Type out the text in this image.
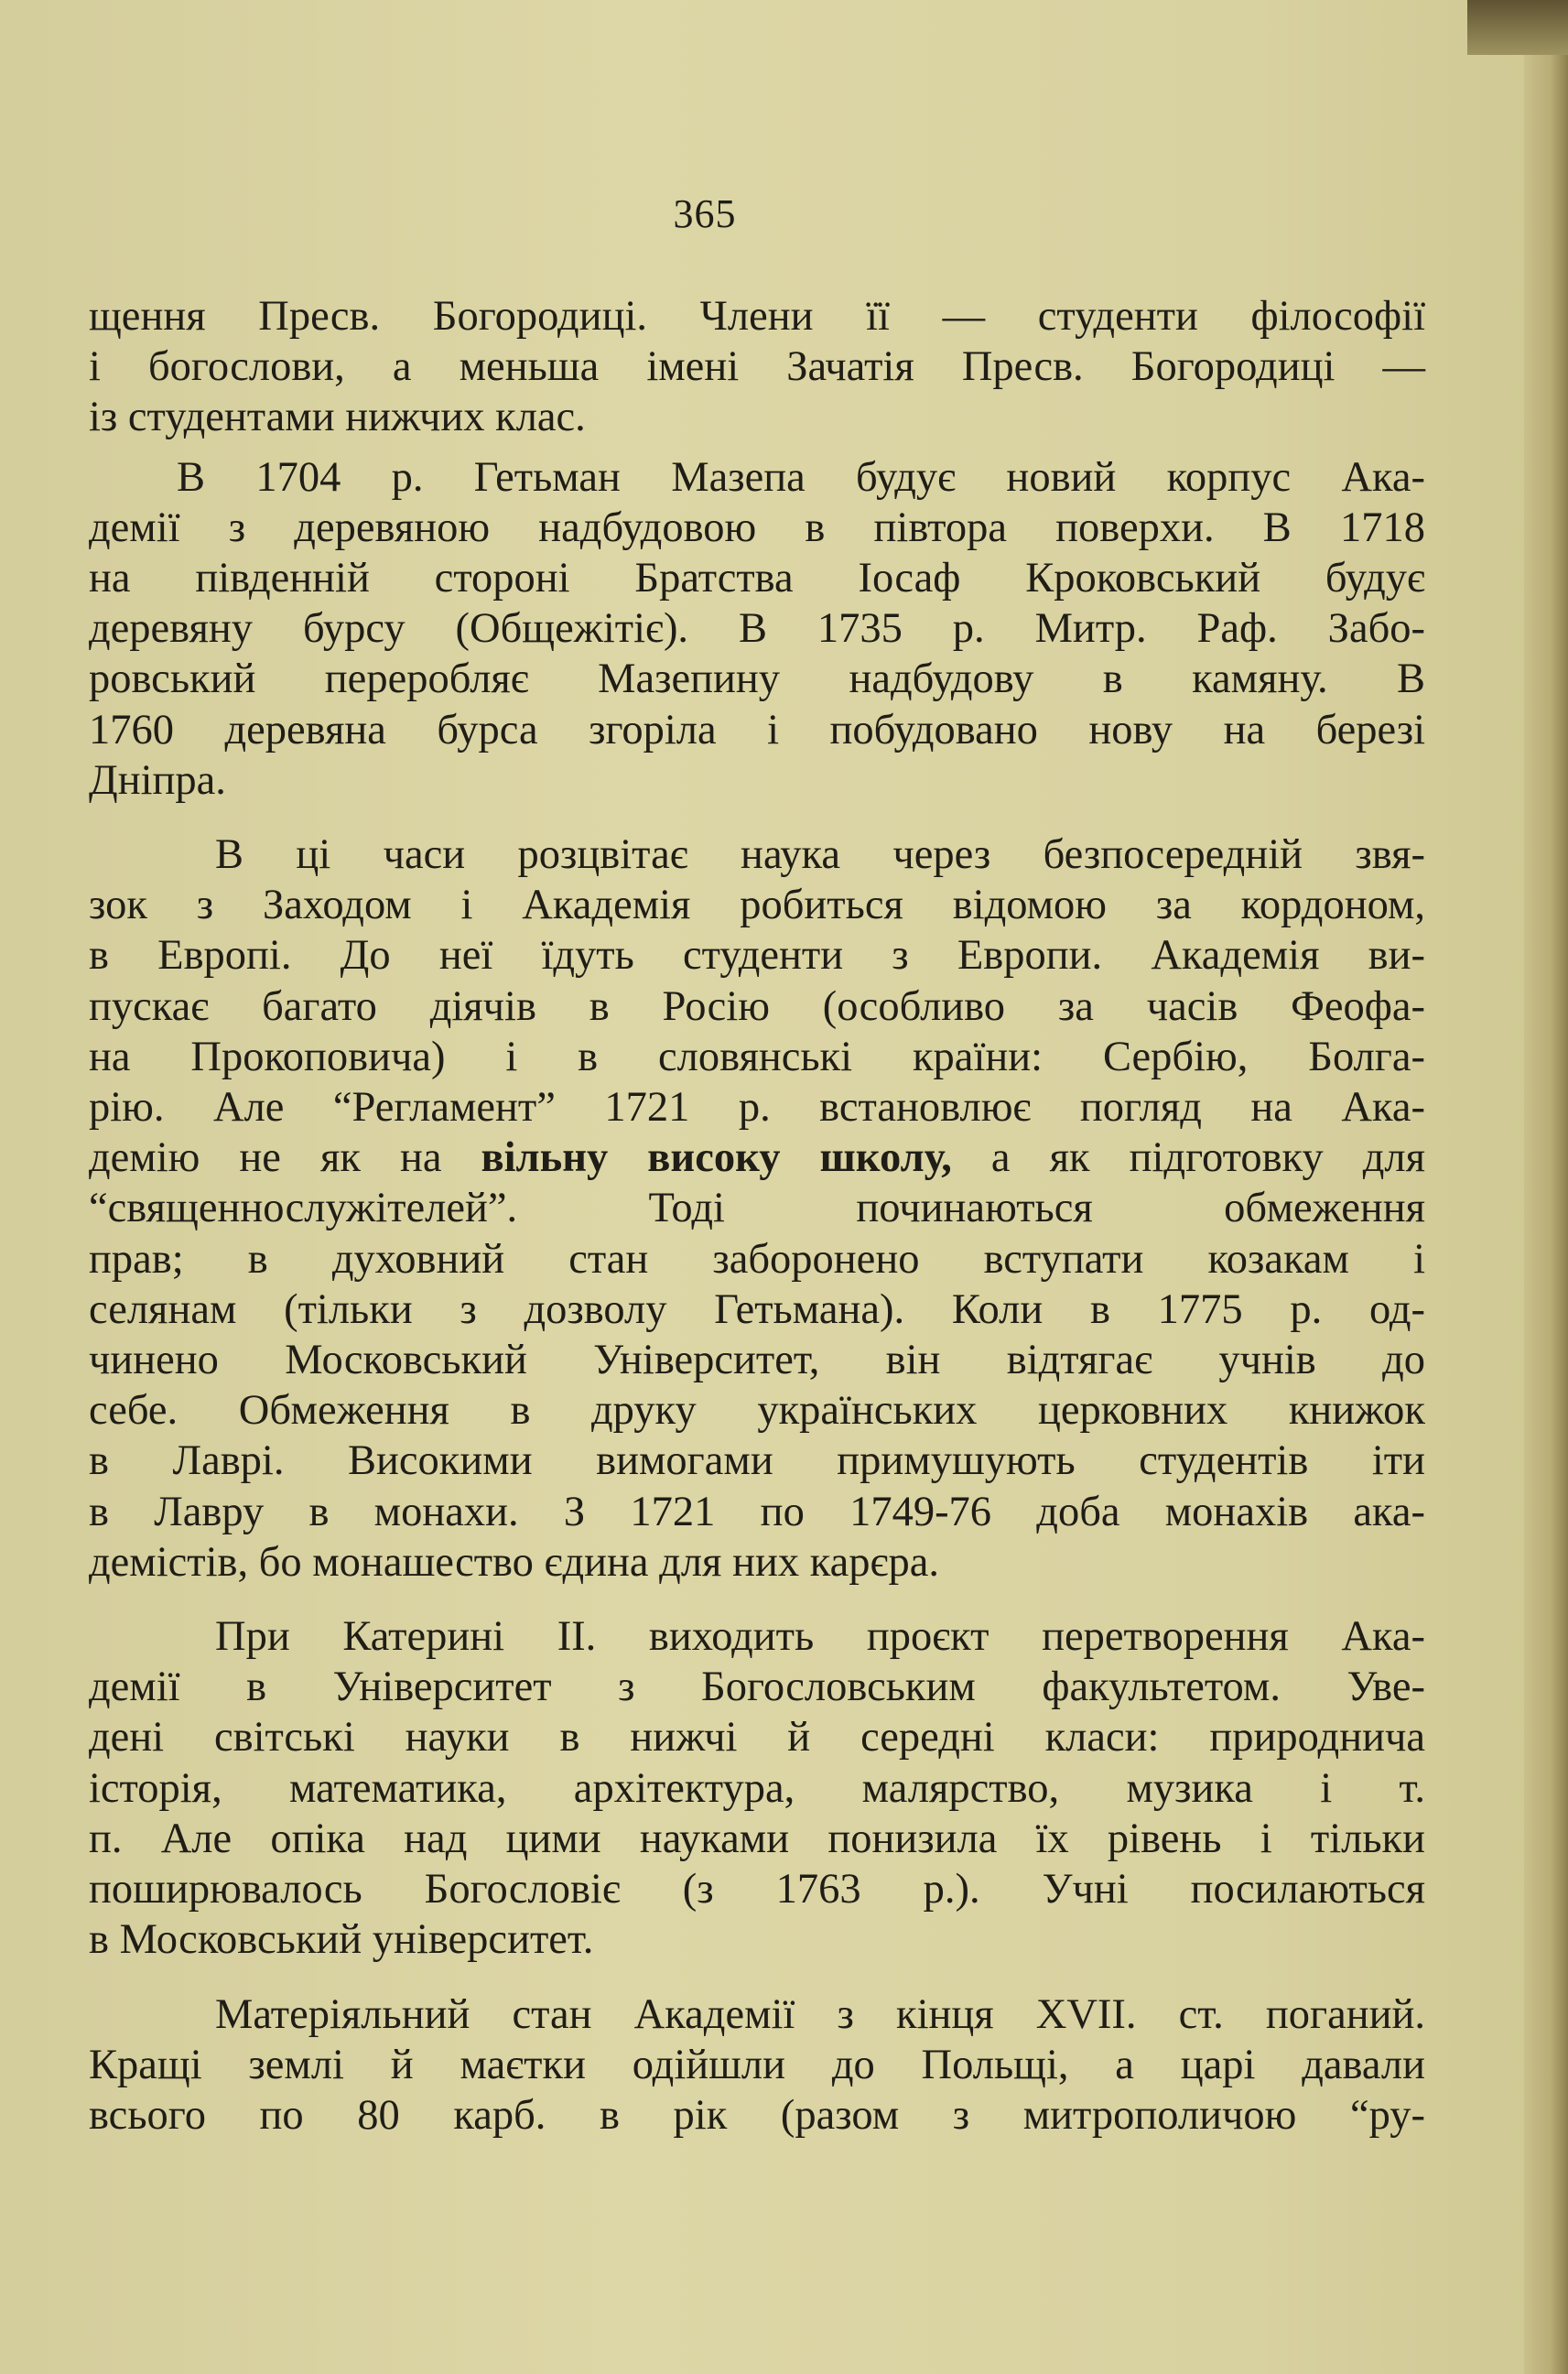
365
щення Пресв. Богородиці. Члени її — студенти філософії
і богослови, а меньша імені Зачатія Пресв. Богородиці —
із студентами нижчих клас.
В 1704 р. Гетьман Мазепа будує новий корпус Ака-
демії з деревяною надбудовою в півтора поверхи. В 1718
на південній стороні Братства Іосаф Кроковський будує
деревяну бурсу (Общежітіє). В 1735 р. Митр. Раф. Забо-
ровський переробляє Мазепину надбудову в камяну. В
1760 деревяна бурса згоріла і побудовано нову на березі
Дніпра.
В ці часи розцвітає наука через безпосередній звя-
зок з Заходом і Академія робиться відомою за кордоном,
в Европі. До неї їдуть студенти з Европи. Академія ви-
пускає багато діячів в Росію (особливо за часів Феофа-
на Прокоповича) і в словянські країни: Сербію, Болга-
рію. Але “Регламент” 1721 р. встановлює погляд на Ака-
демію не як на вільну високу школу, а як підготовку для
“священнослужітелей”. Тоді починаються обмеження
прав; в духовний стан заборонено вступати козакам і
селянам (тільки з дозволу Гетьмана). Коли в 1775 р. од-
чинено Московський Університет, він відтягає учнів до
себе. Обмеження в друку українських церковних книжок
в Лаврі. Високими вимогами примушують студентів іти
в Лавру в монахи. З 1721 по 1749-76 доба монахів ака-
демістів, бо монашество єдина для них карєра.
При Катерині II. виходить проєкт перетворення Ака-
демії в Університет з Богословським факультетом. Уве-
дені світські науки в нижчі й середні класи: природнича
історія, математика, архітектура, малярство, музика і т.
п. Але опіка над цими науками понизила їх рівень і тільки
поширювалось Богословіє (з 1763 р.). Учні посилаються
в Московський університет.
Матеріяльний стан Академії з кінця XVII. ст. поганий.
Кращі землі й маєтки одійшли до Польщі, а царі давали
всього по 80 карб. в рік (разом з митрополичою “ру-
